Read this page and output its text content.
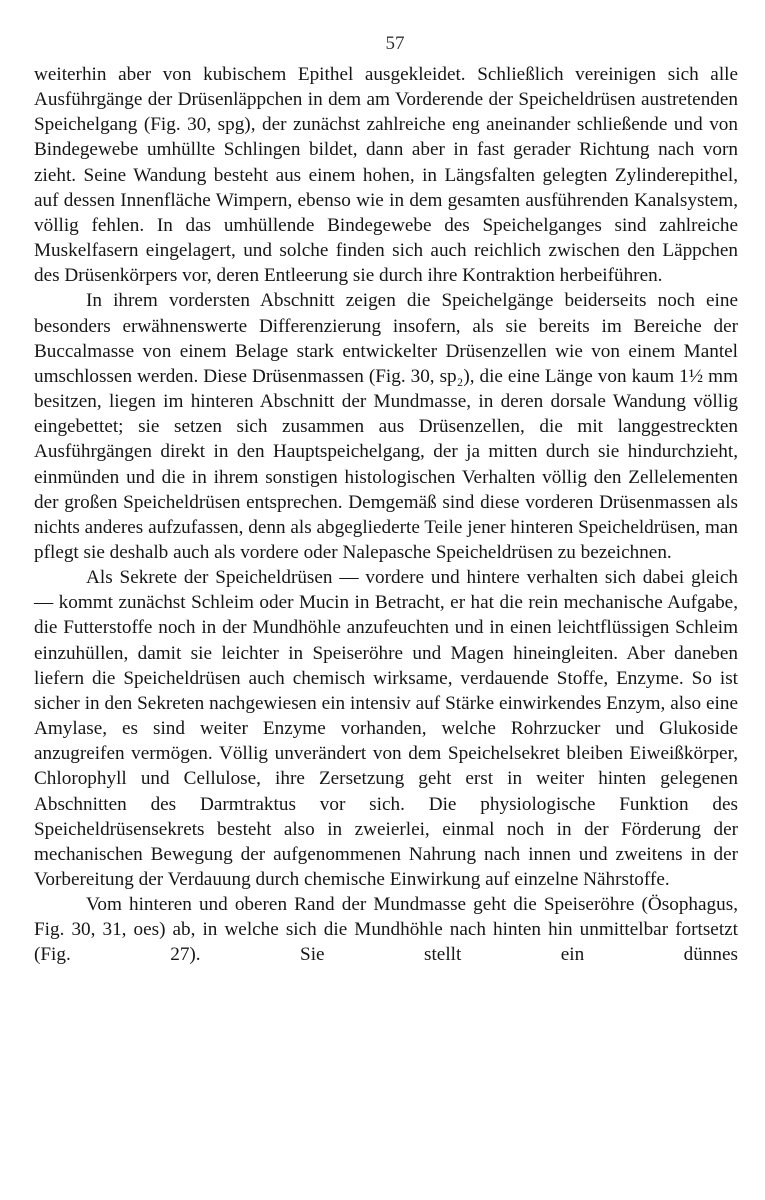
57

weiterhin aber von kubischem Epithel ausgekleidet. Schließlich vereinigen sich alle Ausführgänge der Drüsenläppchen in dem am Vorderende der Speicheldrüsen austretenden Speichelgang (Fig. 30, spg), der zunächst zahlreiche eng aneinander schließende und von Bindegewebe umhüllte Schlingen bildet, dann aber in fast gerader Richtung nach vorn zieht. Seine Wandung besteht aus einem hohen, in Längsfalten gelegten Zylinderepithel, auf dessen Innenfläche Wimpern, ebenso wie in dem gesamten ausführenden Kanalsystem, völlig fehlen. In das umhüllende Bindegewebe des Speichelganges sind zahlreiche Muskelfasern eingelagert, und solche finden sich auch reichlich zwischen den Läppchen des Drüsenkörpers vor, deren Entleerung sie durch ihre Kontraktion herbeiführen.

In ihrem vordersten Abschnitt zeigen die Speichelgänge beiderseits noch eine besonders erwähnenswerte Differenzierung insofern, als sie bereits im Bereiche der Buccalmasse von einem Belage stark entwickelter Drüsenzellen wie von einem Mantel umschlossen werden. Diese Drüsenmassen (Fig. 30, sp₂), die eine Länge von kaum 1½ mm besitzen, liegen im hinteren Abschnitt der Mundmasse, in deren dorsale Wandung völlig eingebettet; sie setzen sich zusammen aus Drüsenzellen, die mit langgestreckten Ausführgängen direkt in den Hauptspeichelgang, der ja mitten durch sie hindurchzieht, einmünden und die in ihrem sonstigen histologischen Verhalten völlig den Zellelementen der großen Speicheldrüsen entsprechen. Demgemäß sind diese vorderen Drüsenmassen als nichts anderes aufzufassen, denn als abgegliederte Teile jener hinteren Speicheldrüsen, man pflegt sie deshalb auch als vordere oder Nalepasche Speicheldrüsen zu bezeichnen.

Als Sekrete der Speicheldrüsen — vordere und hintere verhalten sich dabei gleich — kommt zunächst Schleim oder Mucin in Betracht, er hat die rein mechanische Aufgabe, die Futterstoffe noch in der Mundhöhle anzufeuchten und in einen leichtflüssigen Schleim einzuhüllen, damit sie leichter in Speiseröhre und Magen hineingleiten. Aber daneben liefern die Speicheldrüsen auch chemisch wirksame, verdauende Stoffe, Enzyme. So ist sicher in den Sekreten nachgewiesen ein intensiv auf Stärke einwirkendes Enzym, also eine Amylase, es sind weiter Enzyme vorhanden, welche Rohrzucker und Glukoside anzugreifen vermögen. Völlig unverändert von dem Speichelsekret bleiben Eiweißkörper, Chlorophyll und Cellulose, ihre Zersetzung geht erst in weiter hinten gelegenen Abschnitten des Darmtraktus vor sich. Die physiologische Funktion des Speicheldrüsensekrets besteht also in zweierlei, einmal noch in der Förderung der mechanischen Bewegung der aufgenommenen Nahrung nach innen und zweitens in der Vorbereitung der Verdauung durch chemische Einwirkung auf einzelne Nährstoffe.

Vom hinteren und oberen Rand der Mundmasse geht die Speiseröhre (Ösophagus, Fig. 30, 31, oes) ab, in welche sich die Mundhöhle nach hinten hin unmittelbar fortsetzt (Fig. 27). Sie stellt ein dünnes
